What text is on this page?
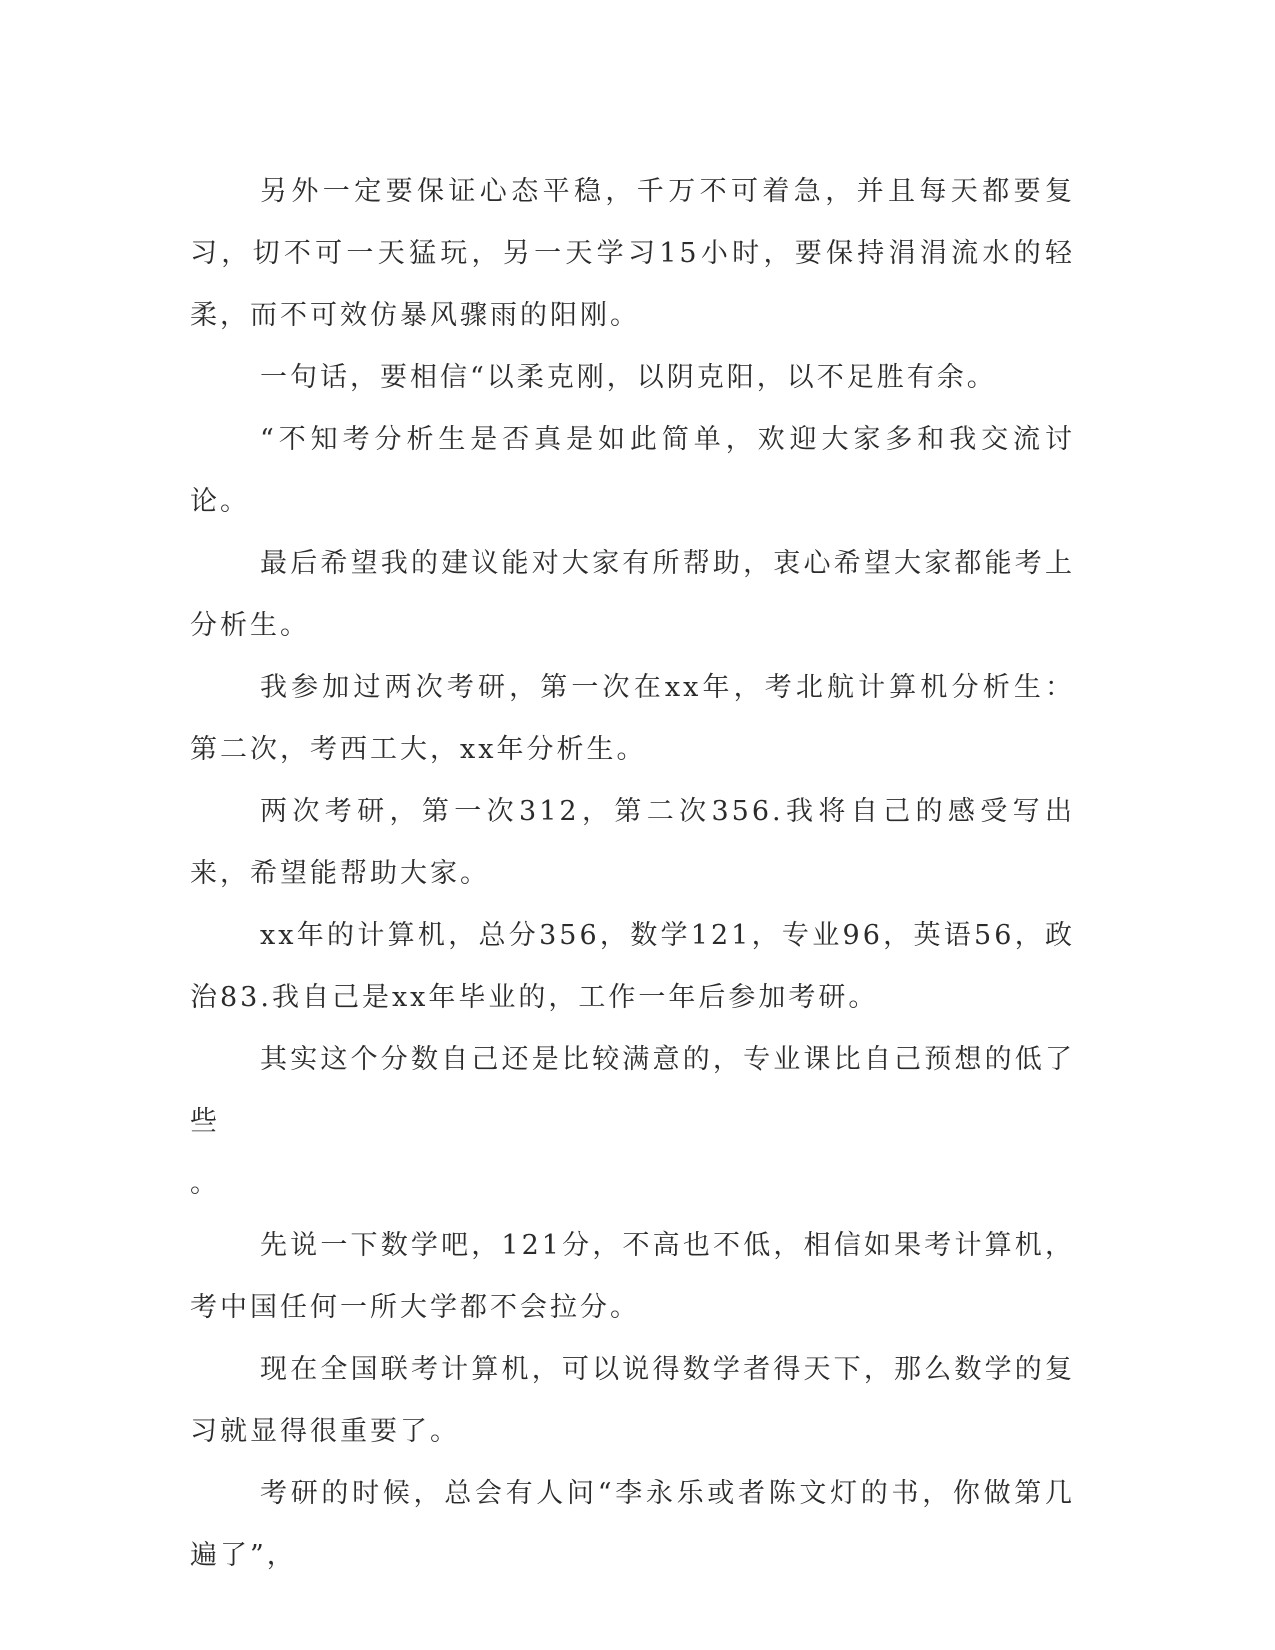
另外一定要保证心态平稳，千万不可着急，并且每天都要复习，切不可一天猛玩，另一天学习15小时，要保持涓涓流水的轻柔，而不可效仿暴风骤雨的阳刚。

一句话，要相信“以柔克刚，以阴克阳，以不足胜有余。

“不知考分析生是否真是如此简单，欢迎大家多和我交流讨论。

最后希望我的建议能对大家有所帮助，衷心希望大家都能考上分析生。

我参加过两次考研，第一次在xx年，考北航计算机分析生：第二次，考西工大，xx年分析生。

两次考研，第一次312，第二次356.我将自己的感受写出来，希望能帮助大家。

xx年的计算机，总分356，数学121，专业96，英语56，政治83.我自己是xx年毕业的，工作一年后参加考研。

其实这个分数自己还是比较满意的，专业课比自己预想的低了些

。

先说一下数学吧，121分，不高也不低，相信如果考计算机，考中国任何一所大学都不会拉分。

现在全国联考计算机，可以说得数学者得天下，那么数学的复习就显得很重要了。

考研的时候，总会有人问“李永乐或者陈文灯的书，你做第几遍了”，
